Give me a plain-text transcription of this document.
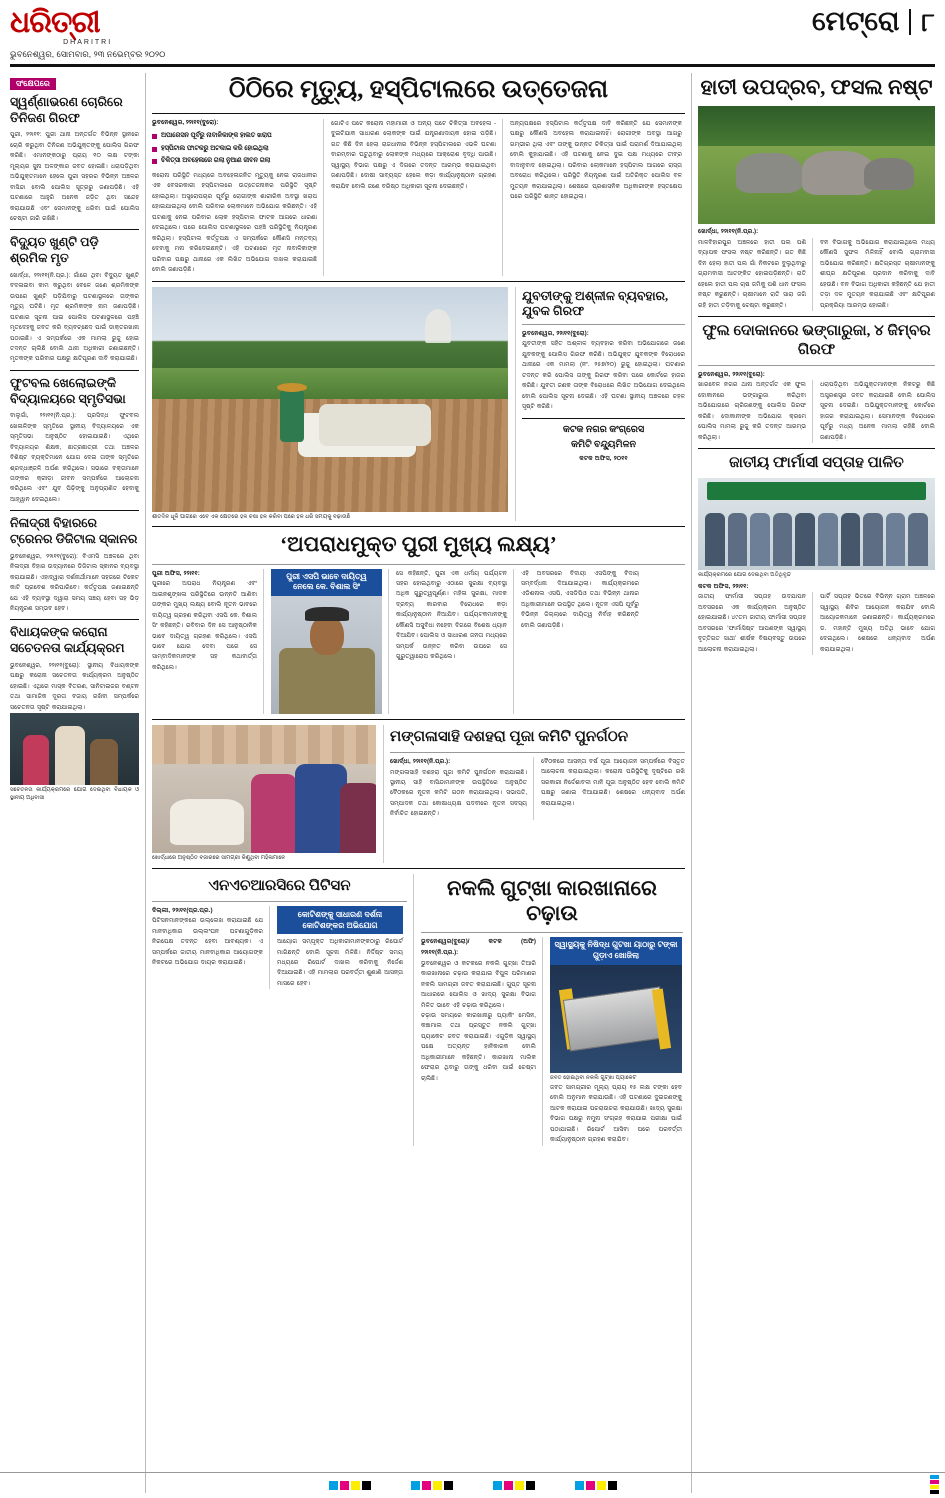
ଧରିତ୍ରୀ
DHARITRI
ଭୁବନେଶ୍ୱର, ସୋମବାର, ୨୩ ନଭେମ୍ବର ୨୦୨୦
ମେଟ୍ରୋ ୮
ସଂକ୍ଷେପରେ
ସ୍ୱର୍ଣ୍ଣାଭରଣ ଚୋରିରେ ତିନିଜଣ ଗିରଫ
ପୁରୀ, ୨୨ା୧୧: ପୁରୀ ଥାନା ଅନ୍ତର୍ଗତ ବିଭିନ୍ନ ସ୍ଥାନରେ ଚୋରି କରୁଥିବା ତିନିଜଣ ଅଭିଯୁକ୍ତଙ୍କୁ ପୋଲିସ ଗିରଫ କରିଛି। ଏମାନଙ୍କଠାରୁ ପ୍ରାୟ ୧୦ ଲକ୍ଷ ଟଙ୍କା ମୂଲ୍ୟର ସୁନା ଅଳଙ୍କାର ଜବତ ହୋଇଛି। ଧରାପଡ଼ିଥିବା ଅଭିଯୁକ୍ତମାନେ ହେଲେ ପୁରୀ ସହରର ବିଭିନ୍ନ ଅଞ୍ଚଳର ବାସିନ୍ଦା ବୋଲି ପୋଲିସ ସୂତ୍ରରୁ ଜଣାପଡ଼ିଛି। ଏହି ଘଟଣାରେ ଆହୁରି ଅନେକ ଜଡ଼ିତ ଥିବା ସନ୍ଦେହ କରାଯାଉଛି ଏବଂ ସେମାନଙ୍କୁ ଧରିବା ପାଇଁ ପୋଲିସ ଚେଷ୍ଟା ଜାରି ରଖିଛି।
ବିଦ୍ୟୁତ ଖୁଣ୍ଟି ପଡ଼ି ଶ୍ରମିକ ମୃତ
ଖୋର୍ଦ୍ଧା, ୨୨ା୧୧(ନି.ପ୍ର.): ଗାଁରେ ଥିବା ବିଦ୍ୟୁତ ଖୁଣ୍ଟି ବଦଳାଇବା କାମ କରୁଥିବା ବେଳେ ଜଣେ ଶ୍ରମିକଙ୍କ ଉପରେ ଖୁଣ୍ଟି ପଡ଼ିଯିବାରୁ ଘଟଣାସ୍ଥଳରେ ତାଙ୍କର ମୃତ୍ୟୁ ଘଟିଛି। ମୃତ ଶ୍ରମିକଙ୍କ ନାମ ଜଣାପଡ଼ିଛି। ଘଟଣାର ସୂଚନା ପାଇ ପୋଲିସ ଘଟଣାସ୍ଥଳରେ ପହଞ୍ଚି ମୃତଦେହକୁ ଜବତ କରି ବ୍ୟବଚ୍ଛେଦ ପାଇଁ ଡାକ୍ତରଖାନା ପଠାଇଛି। ଏ ସମ୍ପର୍କରେ ଏକ ମାମଲା ରୁଜୁ ହୋଇ ତଦନ୍ତ ଚାଲିଛି ବୋଲି ଥାନା ଅଧିକାରୀ ଜଣାଇଛନ୍ତି। ମୃତକଙ୍କ ପରିବାର ପକ୍ଷରୁ କ୍ଷତିପୂରଣ ଦାବି କରାଯାଇଛି।
ଫୁଟବଲ ଖେଲୋଇଙ୍କି ବିଦ୍ୟାଳୟରେ ସ୍ମୃତିସଭା
ବାଲୁଗାଁ, ୨୨ା୧୧(ନି.ପ୍ର.): ପ୍ରସିଦ୍ଧ ଫୁଟବଲ ଖେଳାଳିଙ୍କ ସ୍ମୃତିରେ ସ୍ଥାନୀୟ ବିଦ୍ୟାଳୟରେ ଏକ ସ୍ମୃତିସଭା ଅନୁଷ୍ଠିତ ହୋଇଯାଇଛି। ଏଥିରେ ବିଦ୍ୟାଳୟର ଶିକ୍ଷକ, ଛାତ୍ରଛାତ୍ରୀ ତଥା ଅଞ୍ଚଳର ବିଶିଷ୍ଟ ବ୍ୟକ୍ତିମାନେ ଯୋଗ ଦେଇ ତାଙ୍କ ସ୍ମୃତିରେ ଶ୍ରଦ୍ଧାଞ୍ଜଳି ଅର୍ପଣ କରିଥିଲେ। ସଭାରେ ବକ୍ତାମାନେ ତାଙ୍କର କ୍ରୀଡ଼ା ଜୀବନ ସମ୍ପର୍କରେ ଆଲୋଚନା କରିଥିଲେ ଏବଂ ଯୁବ ପିଢ଼ିଙ୍କୁ ଅନୁପ୍ରାଣିତ ହେବାକୁ ଆହ୍ୱାନ ଦେଇଥିଲେ।
ନିଳାଦ୍ରୀ ବିହାରରେ ଟ୍ରେନର ଡିଜିଟାଲ ସ୍କାନର
ଭୁବନେଶ୍ୱର, ୨୨ା୧୧(ବୁରୋ): ବିଏମସି ଅଞ୍ଚଳରେ ଥିବା ନିଳାଦ୍ରୀ ବିହାର ଉଦ୍ୟାନରେ ଡିଜିଟାଲ ସ୍କାନର ବ୍ୟବସ୍ଥା କରାଯାଇଛି। ଏହାଦ୍ୱାରା ଦର୍ଶନାର୍ଥୀମାନେ ସହଜରେ ଟିକେଟ କାଟି ପ୍ରବେଶ କରିପାରିବେ। କର୍ତ୍ତୃପକ୍ଷ ଜଣାଇଛନ୍ତି ଯେ ଏହି ବ୍ୟବସ୍ଥା ଦ୍ୱାରା ସମୟ ସଞ୍ଚୟ ହେବା ସହ ଭିଡ଼ ନିୟନ୍ତ୍ରଣ ସମ୍ଭବ ହେବ।
ବିଧାୟକଙ୍କ କରୋନା ସଚେତନତା କାର୍ଯ୍ୟକ୍ରମ
ଭୁବନେଶ୍ୱର, ୨୨ା୧୧(ବୁରୋ): ସ୍ଥାନୀୟ ବିଧାୟକଙ୍କ ପକ୍ଷରୁ କରୋନା ସଚେତନତା କାର୍ଯ୍ୟକ୍ରମ ଅନୁଷ୍ଠିତ ହୋଇଛି। ଏଥିରେ ମାସ୍କ ବିତରଣ, ସାନିଟାଇଜର ବଣ୍ଟନ ତଥା ସାମାଜିକ ଦୂରତା ବଜାୟ ରଖିବା ସମ୍ପର୍କରେ ସଚେତନତା ସୃଷ୍ଟି କରାଯାଇଥିଲା।
ସଚେତନତା କାର୍ଯ୍ୟକ୍ରମରେ ଯୋଗ ଦେଇଥିବା ବିଧାୟକ ଓ ସ୍ଥାନୀୟ ଅଧିବାସୀ
ଠିଠିରେ ମୃତ୍ୟୁ, ହସ୍ପିଟାଲରେ ଉତ୍ତେଜନା
ଭୁବନେଶ୍ୱର, ୨୨ା୧୧(ବୁରୋ):
ଅପାରେସନ ପୂର୍ବରୁ ନାବାଳିକାଙ୍କ ହାଲତ ଖରାପ
ହସ୍ପିଟାଲ ଫାଟକରୁ ଅଟକାଇ କରି ହୋଇଥିଲା
ଚିକିତ୍ସା ଅବହେଳାରେ ଗଲା ନୁଆଣ ଜୀବନ ଗଲା
କରୋନା ପରିସ୍ଥିତି ମଧ୍ୟରେ ଅବହେଳାଜନିତ ମୃତ୍ୟୁକୁ ନେଇ ରାଜଧାନୀର ଏକ ବେସରକାରୀ ହସ୍ପିଟାଲରେ ଉତ୍ତେଜନାକର ପରିସ୍ଥିତି ସୃଷ୍ଟି ହୋଇଥିଲା। ଅସ୍ତ୍ରୋପଚାର ପୂର୍ବରୁ ରୋଗୀଙ୍କ ଶାରୀରିକ ଅବସ୍ଥା ଖରାପ ହୋଇଯାଇଥିଲା ବୋଲି ପରିବାର ଲୋକମାନେ ଅଭିଯୋଗ କରିଛନ୍ତି। ଏହି ଘଟଣାକୁ ନେଇ ପରିବାର ଲୋକ ହସ୍ପିଟାଲ ଫାଟକ ଆଗରେ ଧାରଣା ଦେଇଥିଲେ। ପରେ ପୋଲିସ ଘଟଣାସ୍ଥଳରେ ପହଞ୍ଚି ପରିସ୍ଥିତିକୁ ନିୟନ୍ତ୍ରଣ କରିଥିଲା। ହସ୍ପିଟାଲ କର୍ତ୍ତୃପକ୍ଷ ଏ ସମ୍ପର୍କରେ କୌଣସି ମନ୍ତବ୍ୟ ଦେବାକୁ ମନା କରିଦେଇଛନ୍ତି। ଏହି ଘଟଣାରେ ମୃତ ନାବାଳିକାଙ୍କ ପରିବାର ପକ୍ଷରୁ ଥାନାରେ ଏକ ଲିଖିତ ଅଭିଯୋଗ ଦାଖଲ କରାଯାଇଛି ବୋଲି ଜଣାପଡ଼ିଛି।
ଗୋଟିଏ ପଟେ କରୋନା ମହାମାରୀ ଓ ଅନ୍ୟ ପଟେ ଚିକିତ୍ସା ଅବହେଳା - ଦୁଇଟିଯାକ ସାଧାରଣ ଲୋକଙ୍କ ପାଇଁ ଯନ୍ତ୍ରଣାଦାୟକ ହୋଇ ପଡ଼ିଛି। ଗତ କିଛି ଦିନ ହେଲା ରାଜଧାନୀର ବିଭିନ୍ନ ହସ୍ପିଟାଲରେ ଏଭଳି ଘଟଣା ବାରମ୍ବାର ଘଟୁଥିବାରୁ ଲୋକଙ୍କ ମଧ୍ୟରେ ଆକ୍ରୋଶ ବୃଦ୍ଧି ପାଉଛି। ସ୍ୱାସ୍ଥ୍ୟ ବିଭାଗ ପକ୍ଷରୁ ଏ ଦିଗରେ ତଦନ୍ତ ଆରମ୍ଭ କରାଯାଇଥିବା ଜଣାପଡ଼ିଛି। ଦୋଷୀ ସାବ୍ୟସ୍ତ ହେଲେ କଡ଼ା କାର୍ଯ୍ୟାନୁଷ୍ଠାନ ଗ୍ରହଣ କରାଯିବ ବୋଲି ଜଣେ ବରିଷ୍ଠ ଅଧିକାରୀ ସୂଚନା ଦେଇଛନ୍ତି।
ଅନ୍ୟପକ୍ଷରେ ହସ୍ପିଟାଲ କର୍ତ୍ତୃପକ୍ଷ ଦାବି କରିଛନ୍ତି ଯେ ସେମାନଙ୍କ ପକ୍ଷରୁ କୌଣସି ଅବହେଳା କରାଯାଇନାହିଁ। ରୋଗୀଙ୍କ ଅବସ୍ଥା ଆଗରୁ ଗମ୍ଭୀର ଥିଲା ଏବଂ ତାଙ୍କୁ ଉନ୍ନତ ଚିକିତ୍ସା ପାଇଁ ପରାମର୍ଶ ଦିଆଯାଇଥିଲା ବୋଲି କୁହାଯାଇଛି। ଏହି ଘଟଣାକୁ ନେଇ ଦୁଇ ପକ୍ଷ ମଧ୍ୟରେ ତୀବ୍ର ବାଦାନୁବାଦ ହୋଇଥିଲା। ପରିବାର ଲୋକମାନେ ହସ୍ପିଟାଲ ଆଗରେ ରାସ୍ତା ଅବରୋଧ କରିଥିଲେ। ପରିସ୍ଥିତି ନିୟନ୍ତ୍ରଣ ପାଇଁ ଅତିରିକ୍ତ ପୋଲିସ ବଳ ମୁତୟନ କରାଯାଇଥିଲା। ଶେଷରେ ପ୍ରଶାସନିକ ଅଧିକାରୀଙ୍କ ହସ୍ତକ୍ଷେପ ପରେ ପରିସ୍ଥିତି ଶାନ୍ତ ହୋଇଥିଲା।
ଶୀତଦିନ ଧୂଳି ପାଗରେ ଏବେ ଏକ କ୍ଷେତରେ ହଳ ଚଷା ହଳ କରିବା ପରେ ହଳ ଧରି ସମୟକୁ ବଢ଼ାଉଛି
ଯୁବତୀଙ୍କୁ ଅଶ୍ଳୀଳ ବ୍ୟବହାର, ଯୁବକ ଗିରଫ
ଭୁବନେଶ୍ୱର, ୨୨ା୧୧(ବୁରୋ):
ଯୁବତୀଙ୍କ ସହିତ ଅଶ୍ଳୀଳ ବ୍ୟବହାର କରିବା ଅଭିଯୋଗରେ ଜଣେ ଯୁବକଙ୍କୁ ପୋଲିସ ଗିରଫ କରିଛି। ଅଭିଯୁକ୍ତ ଯୁବକଙ୍କ ବିରୋଧରେ ଥାନାରେ ଏକ ମାମଲା (ନଂ. ୨୫୭/୨୦) ରୁଜୁ ହୋଇଥିଲା। ଘଟଣାର ତଦନ୍ତ କରି ପୋଲିସ ତାଙ୍କୁ ଗିରଫ କରିବା ପରେ କୋର୍ଟରେ ହାଜର କରିଛି। ଯୁବତୀ ଜଣକ ତାଙ୍କ ବିରୋଧରେ ଲିଖିତ ଅଭିଯୋଗ ଦେଇଥିଲେ ବୋଲି ପୋଲିସ ସୂଚନା ଦେଇଛି। ଏହି ଘଟଣା ସ୍ଥାନୀୟ ଅଞ୍ଚଳରେ ଚହଳ ସୃଷ୍ଟି କରିଛି।
କଟକ ନଗର କଂଗ୍ରେସ
କମିଟି ବନ୍ଦ୍ୟୁମିଳନ
କଟକ ଅଫିସ, ୨୦୧୧
‘ଅପରାଧମୁକ୍ତ ପୁରୀ ମୁଖ୍ୟ ଲକ୍ଷ୍ୟ’
ପୁରୀ ଅଫିସ, ୨୨ା୧୧:
ପୁରୀରେ ଅପରାଧ ନିୟନ୍ତ୍ରଣ ଏବଂ ଆଇନଶୃଙ୍ଖଳା ପରିସ୍ଥିତିରେ ଉନ୍ନତି ଆଣିବା ତାଙ୍କର ମୁଖ୍ୟ ଲକ୍ଷ୍ୟ ବୋଲି ନୂତନ ଭାବରେ ଦାୟିତ୍ୱ ଗ୍ରହଣ କରିଥିବା ଏସପି କେ. ବିଶାଲ ସିଂ କହିଛନ୍ତି। ରବିବାର ଦିନ ସେ ଆନୁଷ୍ଠାନିକ ଭାବେ ଦାୟିତ୍ୱ ଗ୍ରହଣ କରିଥିଲେ। ଏସପି ଭାବେ ଯୋଗ ଦେବା ପରେ ସେ ସାମ୍ବାଦିକମାନଙ୍କ ସହ କଥାବାର୍ତ୍ତା କରିଥିଲେ।
ପୁରୀ ଏସପି ଭାବେ ଦାୟିତ୍ୱ ନେଲେ କେ. ବିଶାଲ ସିଂ
ସେ କହିଛନ୍ତି, ପୁରୀ ଏକ ଧର୍ମୀୟ ପର୍ଯ୍ୟଟନ ସହର ହୋଇଥିବାରୁ ଏଠାରେ ସୁରକ୍ଷା ବ୍ୟବସ୍ଥା ଅଧିକ ଗୁରୁତ୍ୱପୂର୍ଣ୍ଣ। ମହିଳା ସୁରକ୍ଷା, ମାଦକ ଦ୍ରବ୍ୟ କାରବାର ବିରୋଧରେ କଡ଼ା କାର୍ଯ୍ୟାନୁଷ୍ଠାନ ନିଆଯିବ। ପର୍ଯ୍ୟଟକମାନଙ୍କୁ କୌଣସି ଅସୁବିଧା ନହେବା ଦିଗରେ ବିଶେଷ ଧ୍ୟାନ ଦିଆଯିବ। ପୋଲିସ ଓ ସାଧାରଣ ଜନତା ମଧ୍ୟରେ ସମ୍ପର୍କ ଉନ୍ନତ କରିବା ଉପରେ ସେ ଗୁରୁତ୍ୱାରୋପ କରିଥିଲେ।
ଏହି ଅବସରରେ ବିଦାୟୀ ଏସପିଙ୍କୁ ବିଦାୟ ସମ୍ବର୍ଦ୍ଧନା ଦିଆଯାଇଥିଲା। କାର୍ଯ୍ୟକ୍ରମରେ ଏଡିଶନାଲ ଏସପି, ଏସଡିପିଓ ତଥା ବିଭିନ୍ନ ଥାନାର ଅଧିକାରୀମାନେ ଉପସ୍ଥିତ ଥିଲେ। ନୂତନ ଏସପି ପୂର୍ବରୁ ବିଭିନ୍ନ ଜିଲ୍ଲାରେ ଦାୟିତ୍ୱ ନିର୍ବାହ କରିଛନ୍ତି ବୋଲି ଜଣାପଡ଼ିଛି।
ଖୋର୍ଦ୍ଧାରେ ଅନୁଷ୍ଠିତ ବଜାରରେ ସାମଗ୍ରୀ କିଣୁଥିବା ମହିଳାମାନେ
ମଙ୍ଗଳାସାହି ଦଶହରା ପୂଜା କମିଟି ପୁନର୍ଗଠନ
ଖୋର୍ଦ୍ଧା, ୨୨ା୧୧(ନି.ପ୍ର.):
ମଙ୍ଗଳାସାହି ଦଶହରା ପୂଜା କମିଟି ପୁନର୍ଗଠନ କରାଯାଇଛି। ସ୍ଥାନୀୟ ସାହି ବାସିନ୍ଦାମାନଙ୍କ ଉପସ୍ଥିତିରେ ଅନୁଷ୍ଠିତ ବୈଠକରେ ନୂତନ କମିଟି ଗଠନ କରାଯାଇଥିଲା। ସଭାପତି, ସମ୍ପାଦକ ତଥା କୋଷାଧ୍ୟକ୍ଷ ପଦବୀରେ ନୂତନ ସଦସ୍ୟ ନିର୍ବାଚିତ ହୋଇଛନ୍ତି।
ବୈଠକରେ ଆସନ୍ତା ବର୍ଷ ପୂଜା ଆୟୋଜନ ସମ୍ପର୍କରେ ବିସ୍ତୃତ ଆଲୋଚନା କରାଯାଇଥିଲା। କରୋନା ପରିସ୍ଥିତିକୁ ଦୃଷ୍ଟିରେ ରଖି ସରକାରୀ ନିର୍ଦ୍ଦେଶାବଳୀ ମାନି ପୂଜା ଅନୁଷ୍ଠିତ ହେବ ବୋଲି କମିଟି ପକ୍ଷରୁ ଜଣାଇ ଦିଆଯାଇଛି। ଶେଷରେ ଧନ୍ୟବାଦ ଅର୍ପଣ କରାଯାଇଥିଲା।
ଏନଏଚଆରସିରେ ପିଟିସନ
ଦିଲ୍ଲୀ, ୨୨ା୧୧(ପ୍ର.ପ୍ର.)
ପିଟିସନମାନଙ୍କରେ ଉଲ୍ଲେଖ କରାଯାଇଛି ଯେ ମାନବାଧିକାର ଉଲ୍ଲଂଘନ ଘଟଣାଗୁଡ଼ିକର ନିରପେକ୍ଷ ତଦନ୍ତ ହେବା ଆବଶ୍ୟକ। ଏ ସମ୍ପର୍କରେ ଜାତୀୟ ମାନବାଧିକାର ଆୟୋଗଙ୍କ ନିକଟରେ ଅଭିଯୋଗ ଦାୟର କରାଯାଇଛି।
କୋଟିଶଙ୍କୁ ସାଧାରଣ ଦର୍ଶନା କୋଟିଶଙ୍କର ଅଭିଯୋଗ
ଆୟୋଗ ସମ୍ପୃକ୍ତ ଅଧିକାରୀମାନଙ୍କଠାରୁ ରିପୋର୍ଟ ମାଗିଛନ୍ତି ବୋଲି ସୂଚନା ମିଳିଛି। ନିର୍ଦ୍ଦିଷ୍ଟ ସମୟ ମଧ୍ୟରେ ରିପୋର୍ଟ ଦାଖଲ କରିବାକୁ ନିର୍ଦ୍ଦେଶ ଦିଆଯାଇଛି। ଏହି ମାମଲାର ପରବର୍ତ୍ତୀ ଶୁଣାଣି ଆସନ୍ତା ମାସରେ ହେବ।
ନକଲି ଗୁଟ୍‌ଖା କାରଖାନାରେ ଚଢ଼ାଉ
ଭୁବନେଶ୍ୱର(ବୁରୋ)/ କଟକ (ଅଫି) ୨୨ା୧୧(ନି.ପ୍ର.):
ଭୁବନେଶ୍ୱର ଓ କଟକରେ ନକଲି ଗୁଟ୍‌ଖା ତିଆରି କାରଖାନାରେ ଚଢ଼ାଉ କରାଯାଇ ବିପୁଳ ପରିମାଣର ନକଲି ସାମଗ୍ରୀ ଜବତ କରାଯାଇଛି। ଗୁପ୍ତ ସୂଚନା ଆଧାରରେ ପୋଲିସ ଓ ଖାଦ୍ୟ ସୁରକ୍ଷା ବିଭାଗ ମିଳିତ ଭାବେ ଏହି ଚଢ଼ାଉ କରିଥିଲେ।
ଚଢ଼ାଉ ସମୟରେ କାରଖାନାରୁ ପ୍ୟାକିଂ ମେସିନ, କଞ୍ଚାମାଲ ତଥା ପ୍ରସ୍ତୁତ ନକଲି ଗୁଟ୍‌ଖା ପ୍ୟାକେଟ ଜବତ କରାଯାଇଛି। ଏଗୁଡ଼ିକ ସ୍ୱାସ୍ଥ୍ୟ ପକ୍ଷେ ଅତ୍ୟନ୍ତ ହାନିକାରକ ବୋଲି ଅଧିକାରୀମାନେ କହିଛନ୍ତି। କାରଖାନା ମାଲିକ ଫେରାର ଥିବାରୁ ତାଙ୍କୁ ଧରିବା ପାଇଁ ଚେଷ୍ଟା ଚାଲିଛି।
ସ୍ୱାସ୍ଥ୍ୟକୁ ନିଷିଦ୍ଧ ଗୁଟଖା ୟାଠାରୁ ଟଙ୍କା ଗୁଡ଼ାଏ ଖୋଜିଲା
ଜବତ ହୋଇଥିବା ନକଲି ଗୁଟ୍‌ଖା ପ୍ୟାକେଟ
ଜବତ ସାମଗ୍ରୀର ମୂଲ୍ୟ ପ୍ରାୟ ୧୫ ଲକ୍ଷ ଟଙ୍କା ହେବ ବୋଲି ଅନୁମାନ କରାଯାଉଛି। ଏହି ଘଟଣାରେ ଦୁଇଜଣଙ୍କୁ ଆଟକ କରାଯାଇ ପଚରାଉଚରା କରାଯାଉଛି। ଖାଦ୍ୟ ସୁରକ୍ଷା ବିଭାଗ ପକ୍ଷରୁ ନମୁନା ସଂଗ୍ରହ କରାଯାଇ ପରୀକ୍ଷା ପାଇଁ ପଠାଯାଇଛି। ରିପୋର୍ଟ ଆସିବା ପରେ ପରବର୍ତ୍ତୀ କାର୍ଯ୍ୟାନୁଷ୍ଠାନ ଗ୍ରହଣ କରାଯିବ।
ହାତୀ ଉପଦ୍ରବ, ଫସଲ ନଷ୍ଟ
ଖୋର୍ଦ୍ଧା, ୨୨ା୧୧(ନି.ପ୍ର.):
ମାଳବିହାରପୁର ଅଞ୍ଚଳରେ ହାତୀ ପଲ ପଶି ବ୍ୟାପକ ଫସଲ ନଷ୍ଟ କରିଛନ୍ତି। ଗତ କିଛି ଦିନ ହେଲା ହାତୀ ପଲ ଗାଁ ନିକଟରେ ବୁଲୁଥିବାରୁ ଗ୍ରାମବାସୀ ଆତଙ୍କିତ ହୋଇପଡ଼ିଛନ୍ତି। ରାତି ହେଲେ ହାତୀ ପଲ ଚାଷ ଜମିକୁ ପଶି ଧାନ ଫସଲ ନଷ୍ଟ କରୁଛନ୍ତି। ଚାଷୀମାନେ ରାତି ସାରା ଜଗି ରହି ହାତୀ ତଡ଼ିବାକୁ ଚେଷ୍ଟା କରୁଛନ୍ତି।
ବନ ବିଭାଗକୁ ଅଭିଯୋଗ କରାଯାଇଥିଲେ ମଧ୍ୟ କୌଣସି ସୁଫଳ ମିଳିନାହିଁ ବୋଲି ଗ୍ରାମବାସୀ ଅଭିଯୋଗ କରିଛନ୍ତି। କ୍ଷତିଗ୍ରସ୍ତ ଚାଷୀମାନଙ୍କୁ ଶୀଘ୍ର କ୍ଷତିପୂରଣ ପ୍ରଦାନ କରିବାକୁ ଦାବି ହେଉଛି। ବନ ବିଭାଗ ଅଧିକାରୀ କହିଛନ୍ତି ଯେ ହାତୀ ତଡ଼ା ଦଳ ମୁତୟନ କରାଯାଇଛି ଏବଂ କ୍ଷତିପୂରଣ ପ୍ରକ୍ରିୟା ଆରମ୍ଭ ହୋଇଛି।
ଫୁଲ ଦୋକାନରେ ଭଙ୍ଗାରୁଜା, ୪ ଜିମ୍ବର ଗିରଫ
ଭୁବନେଶ୍ୱର, ୨୨ା୧୧(ବୁରୋ):
ଖାରବେଳ ନଗର ଥାନା ଅନ୍ତର୍ଗତ ଏକ ଫୁଲ ଦୋକାନରେ ଭଙ୍ଗାରୁଜା କରିଥିବା ଅଭିଯୋଗରେ ଚାରିଜଣଙ୍କୁ ପୋଲିସ ଗିରଫ କରିଛି। ଦୋକାନୀଙ୍କ ଅଭିଯୋଗ କ୍ରମେ ପୋଲିସ ମାମଲା ରୁଜୁ କରି ତଦନ୍ତ ଆରମ୍ଭ କରିଥିଲା।
ଧରାପଡ଼ିଥିବା ଅଭିଯୁକ୍ତମାନଙ୍କ ନିକଟରୁ କିଛି ଅସ୍ତ୍ରଶସ୍ତ୍ର ଜବତ କରାଯାଇଛି ବୋଲି ପୋଲିସ ସୂଚନା ଦେଇଛି। ଅଭିଯୁକ୍ତମାନଙ୍କୁ କୋର୍ଟରେ ହାଜର କରାଯାଇଥିଲା। ସେମାନଙ୍କ ବିରୋଧରେ ପୂର୍ବରୁ ମଧ୍ୟ ଅନେକ ମାମଲା ରହିଛି ବୋଲି ଜଣାପଡ଼ିଛି।
ଜାତୀୟ ଫାର୍ମାସୀ ସପ୍ତାହ ପାଳିତ
କାର୍ଯ୍ୟକ୍ରମରେ ଯୋଗ ଦେଇଥିବା ଅତିଥିବୃନ୍ଦ
କଟକ ଅଫିସ, ୨୨ା୧୧:
ଜାତୀୟ ଫାର୍ମାସୀ ସପ୍ତାହ ଉଦଯାପନ ଅବସରରେ ଏକ କାର୍ଯ୍ୟକ୍ରମ ଅନୁଷ୍ଠିତ ହୋଇଯାଇଛି। ୪୯ତମ ଜାତୀୟ ଫାର୍ମାସୀ ସପ୍ତାହ ଅବସରରେ ‘ଫାର୍ମାସିଷ୍ଟ ଆପଣଙ୍କ ସ୍ୱାସ୍ଥ୍ୟ ବୃତ୍ତିଗତ ସାଥୀ’ ଶୀର୍ଷକ ବିଷୟବସ୍ତୁ ଉପରେ ଆଲୋଚନା କରାଯାଇଥିଲା।
ପାର୍ଟି ସପ୍ତାହ ଭିତରେ ବିଭିନ୍ନ ଗ୍ରାମ ଅଞ୍ଚଳରେ ସ୍ୱାସ୍ଥ୍ୟ ଶିବିର ଆୟୋଜନ କରାଯିବ ବୋଲି ଆୟୋଜକମାନେ ଜଣାଇଛନ୍ତି। କାର୍ଯ୍ୟକ୍ରମରେ ଡ. ମହାନ୍ତି ମୁଖ୍ୟ ଅତିଥି ଭାବେ ଯୋଗ ଦେଇଥିଲେ। ଶେଷରେ ଧନ୍ୟବାଦ ଅର୍ପଣ କରାଯାଇଥିଲା।
